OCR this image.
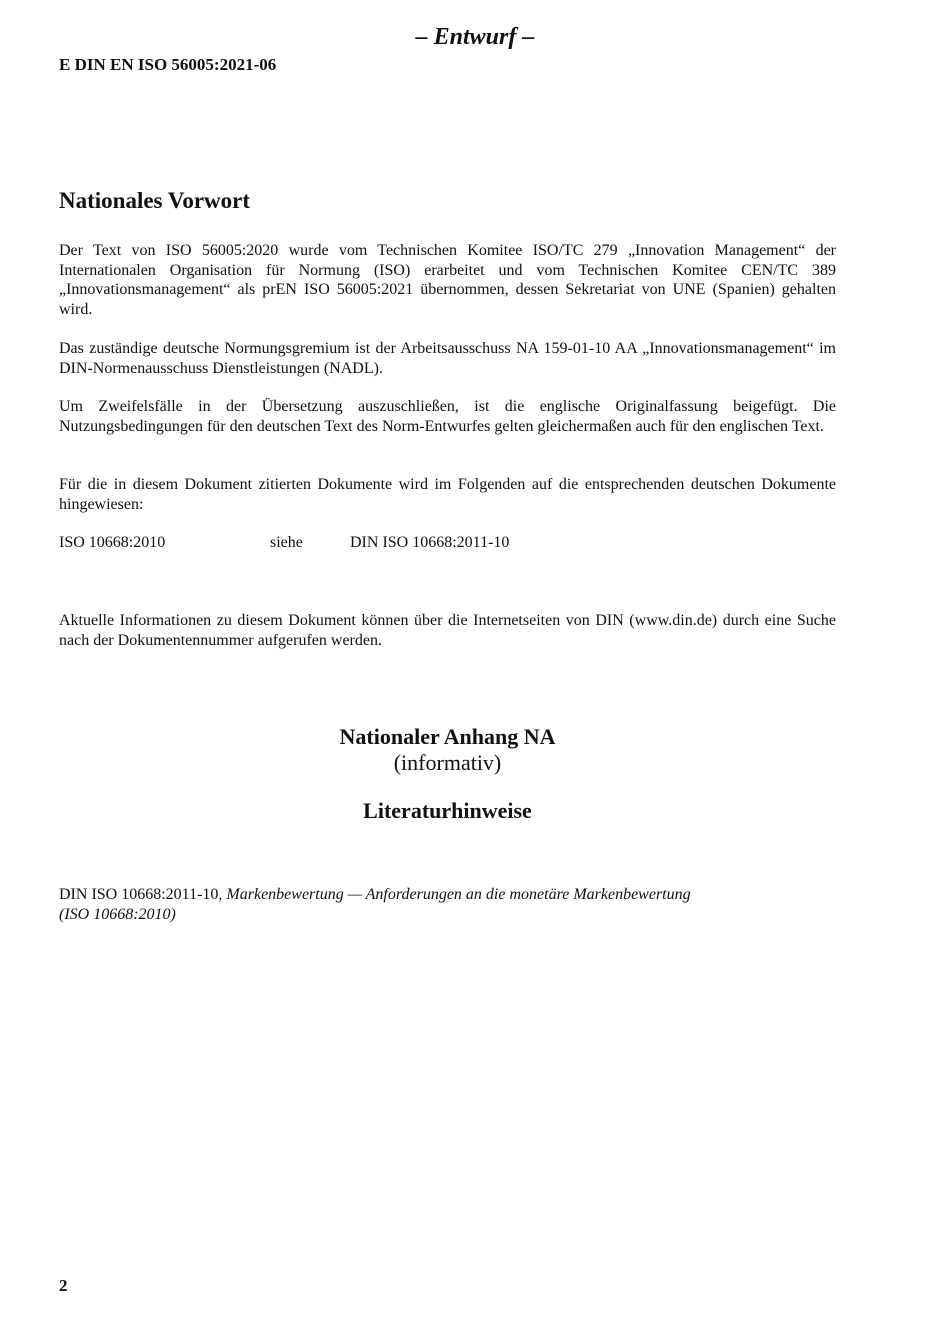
– Entwurf –
E DIN EN ISO 56005:2021-06
Nationales Vorwort

Der Text von ISO 56005:2020 wurde vom Technischen Komitee ISO/TC 279 „Innovation Management“ der Internationalen Organisation für Normung (ISO) erarbeitet und vom Technischen Komitee CEN/TC 389 „Innovationsmanagement“ als prEN ISO 56005:2021 übernommen, dessen Sekretariat von UNE (Spanien) gehalten wird.

Das zuständige deutsche Normungsgremium ist der Arbeitsausschuss NA 159-01-10 AA „Innovationsmanagement“ im DIN-Normenausschuss Dienstleistungen (NADL).

Um Zweifelsfälle in der Übersetzung auszuschließen, ist die englische Originalfassung beigefügt. Die Nutzungsbedingungen für den deutschen Text des Norm-Entwurfes gelten gleichermaßen auch für den englischen Text.

Für die in diesem Dokument zitierten Dokumente wird im Folgenden auf die entsprechenden deutschen Dokumente hingewiesen:

ISO 10668:2010	siehe	DIN ISO 10668:2011-10

Aktuelle Informationen zu diesem Dokument können über die Internetseiten von DIN (www.din.de) durch eine Suche nach der Dokumentennummer aufgerufen werden.

Nationaler Anhang NA
(informativ)
Literaturhinweise
DIN ISO 10668:2011-10, Markenbewertung — Anforderungen an die monetäre Markenbewertung
(ISO 10668:2010)
2
